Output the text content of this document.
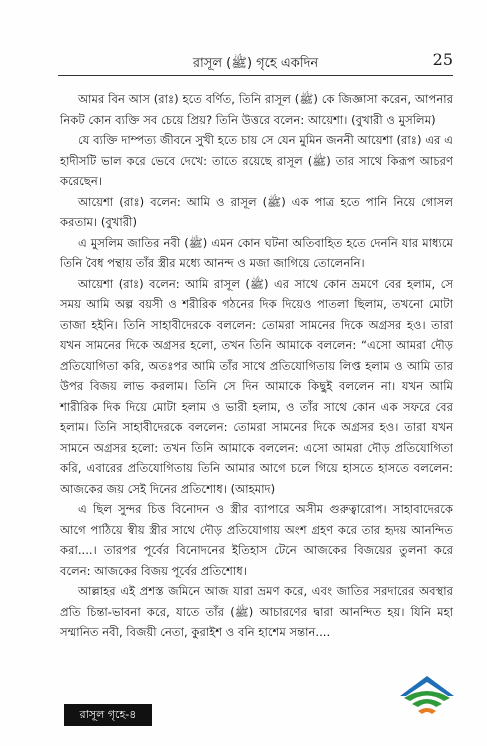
রাসূল (ﷺ) গৃহে একদিন	25

আমর বিন আস (রাঃ) হতে বর্ণিত, তিনি রাসূল (ﷺ) কে জিজ্ঞাসা করেন, আপনার নিকট কোন ব্যক্তি সব চেয়ে প্রিয়? তিনি উত্তরে বলেন: আয়েশা। (বুখারী ও মুসলিম)

যে ব্যক্তি দাম্পত্য জীবনে সুখী হতে চায় সে যেন মুমিন জননী আয়েশা (রাঃ) এর এ হাদীসটি ভাল করে ভেবে দেখে: তাতে রয়েছে রাসূল (ﷺ) তার সাথে কিরূপ আচরণ করেছেন।

আয়েশা (রাঃ) বলেন: আমি ও রাসূল (ﷺ) এক পাত্র হতে পানি নিয়ে গোসল করতাম। (বুখারী)

এ মুসলিম জাতির নবী (ﷺ) এমন কোন ঘটনা অতিবাহিত হতে দেননি যার মাধ্যমে তিনি বৈধ পন্থায় তাঁর স্ত্রীর মধ্যে আনন্দ ও মজা জাগিয়ে তোলেননি।

আয়েশা (রাঃ) বলেন: আমি রাসূল (ﷺ) এর সাথে কোন ভ্রমণে বের হলাম, সে সময় আমি অল্প বয়সী ও শরীরিক গঠনের দিক দিয়েও পাতলা ছিলাম, তখনো মোটা তাজা হইনি। তিনি সাহাবীদেরকে বললেন: তোমরা সামনের দিকে অগ্রসর হও। তারা যখন সামনের দিকে অগ্রসর হলো, তখন তিনি আমাকে বললেন: “এসো আমরা দৌড় প্রতিযোগিতা করি, অতঃপর আমি তাঁর সাথে প্রতিযোগিতায় লিপ্ত হলাম ও আমি তার উপর বিজয় লাভ করলাম। তিনি সে দিন আমাকে কিছুই বললেন না। যখন আমি শারীরিক দিক দিয়ে মোটা হলাম ও ভারী হলাম, ও তাঁর সাথে কোন এক সফরে বের হলাম। তিনি সাহাবীদেরকে বললেন: তোমরা সামনের দিকে অগ্রসর হও। তারা যখন সামনে অগ্রসর হলো: তখন তিনি আমাকে বললেন: এসো আমরা দৌড় প্রতিযোগিতা করি, এবারের প্রতিযোগিতায় তিনি আমার আগে চলে গিয়ে হাসতে হাসতে বললেন: আজকের জয় সেই দিনের প্রতিশোধ। (আহমাদ)

এ ছিল সুন্দর চিত্ত বিনোদন ও স্ত্রীর ব্যাপারে অসীম গুরুত্বারোপ। সাহাবাদেরকে আগে পাঠিয়ে স্বীয় স্ত্রীর সাথে দৌড় প্রতিযোগায় অংশ গ্রহণ করে তার হৃদয় আনন্দিত করা....। তারপর পূর্বের বিনোদনের ইতিহাস টেনে আজকের বিজয়ের তুলনা করে বলেন: আজকের বিজয় পূর্বের প্রতিশোধ।

আল্লাহর এই প্রশস্ত জমিনে আজ যারা ভ্রমণ করে, এবং জাতির সরদারের অবস্থার প্রতি চিন্তা-ভাবনা করে, যাতে তাঁর (ﷺ) আচারণের দ্বারা আনন্দিত হয়। যিনি মহা সম্মানিত নবী, বিজয়ী নেতা, কুরাইশ ও বনি হাশেম সন্তান....

রাসূল গৃহে-৪
